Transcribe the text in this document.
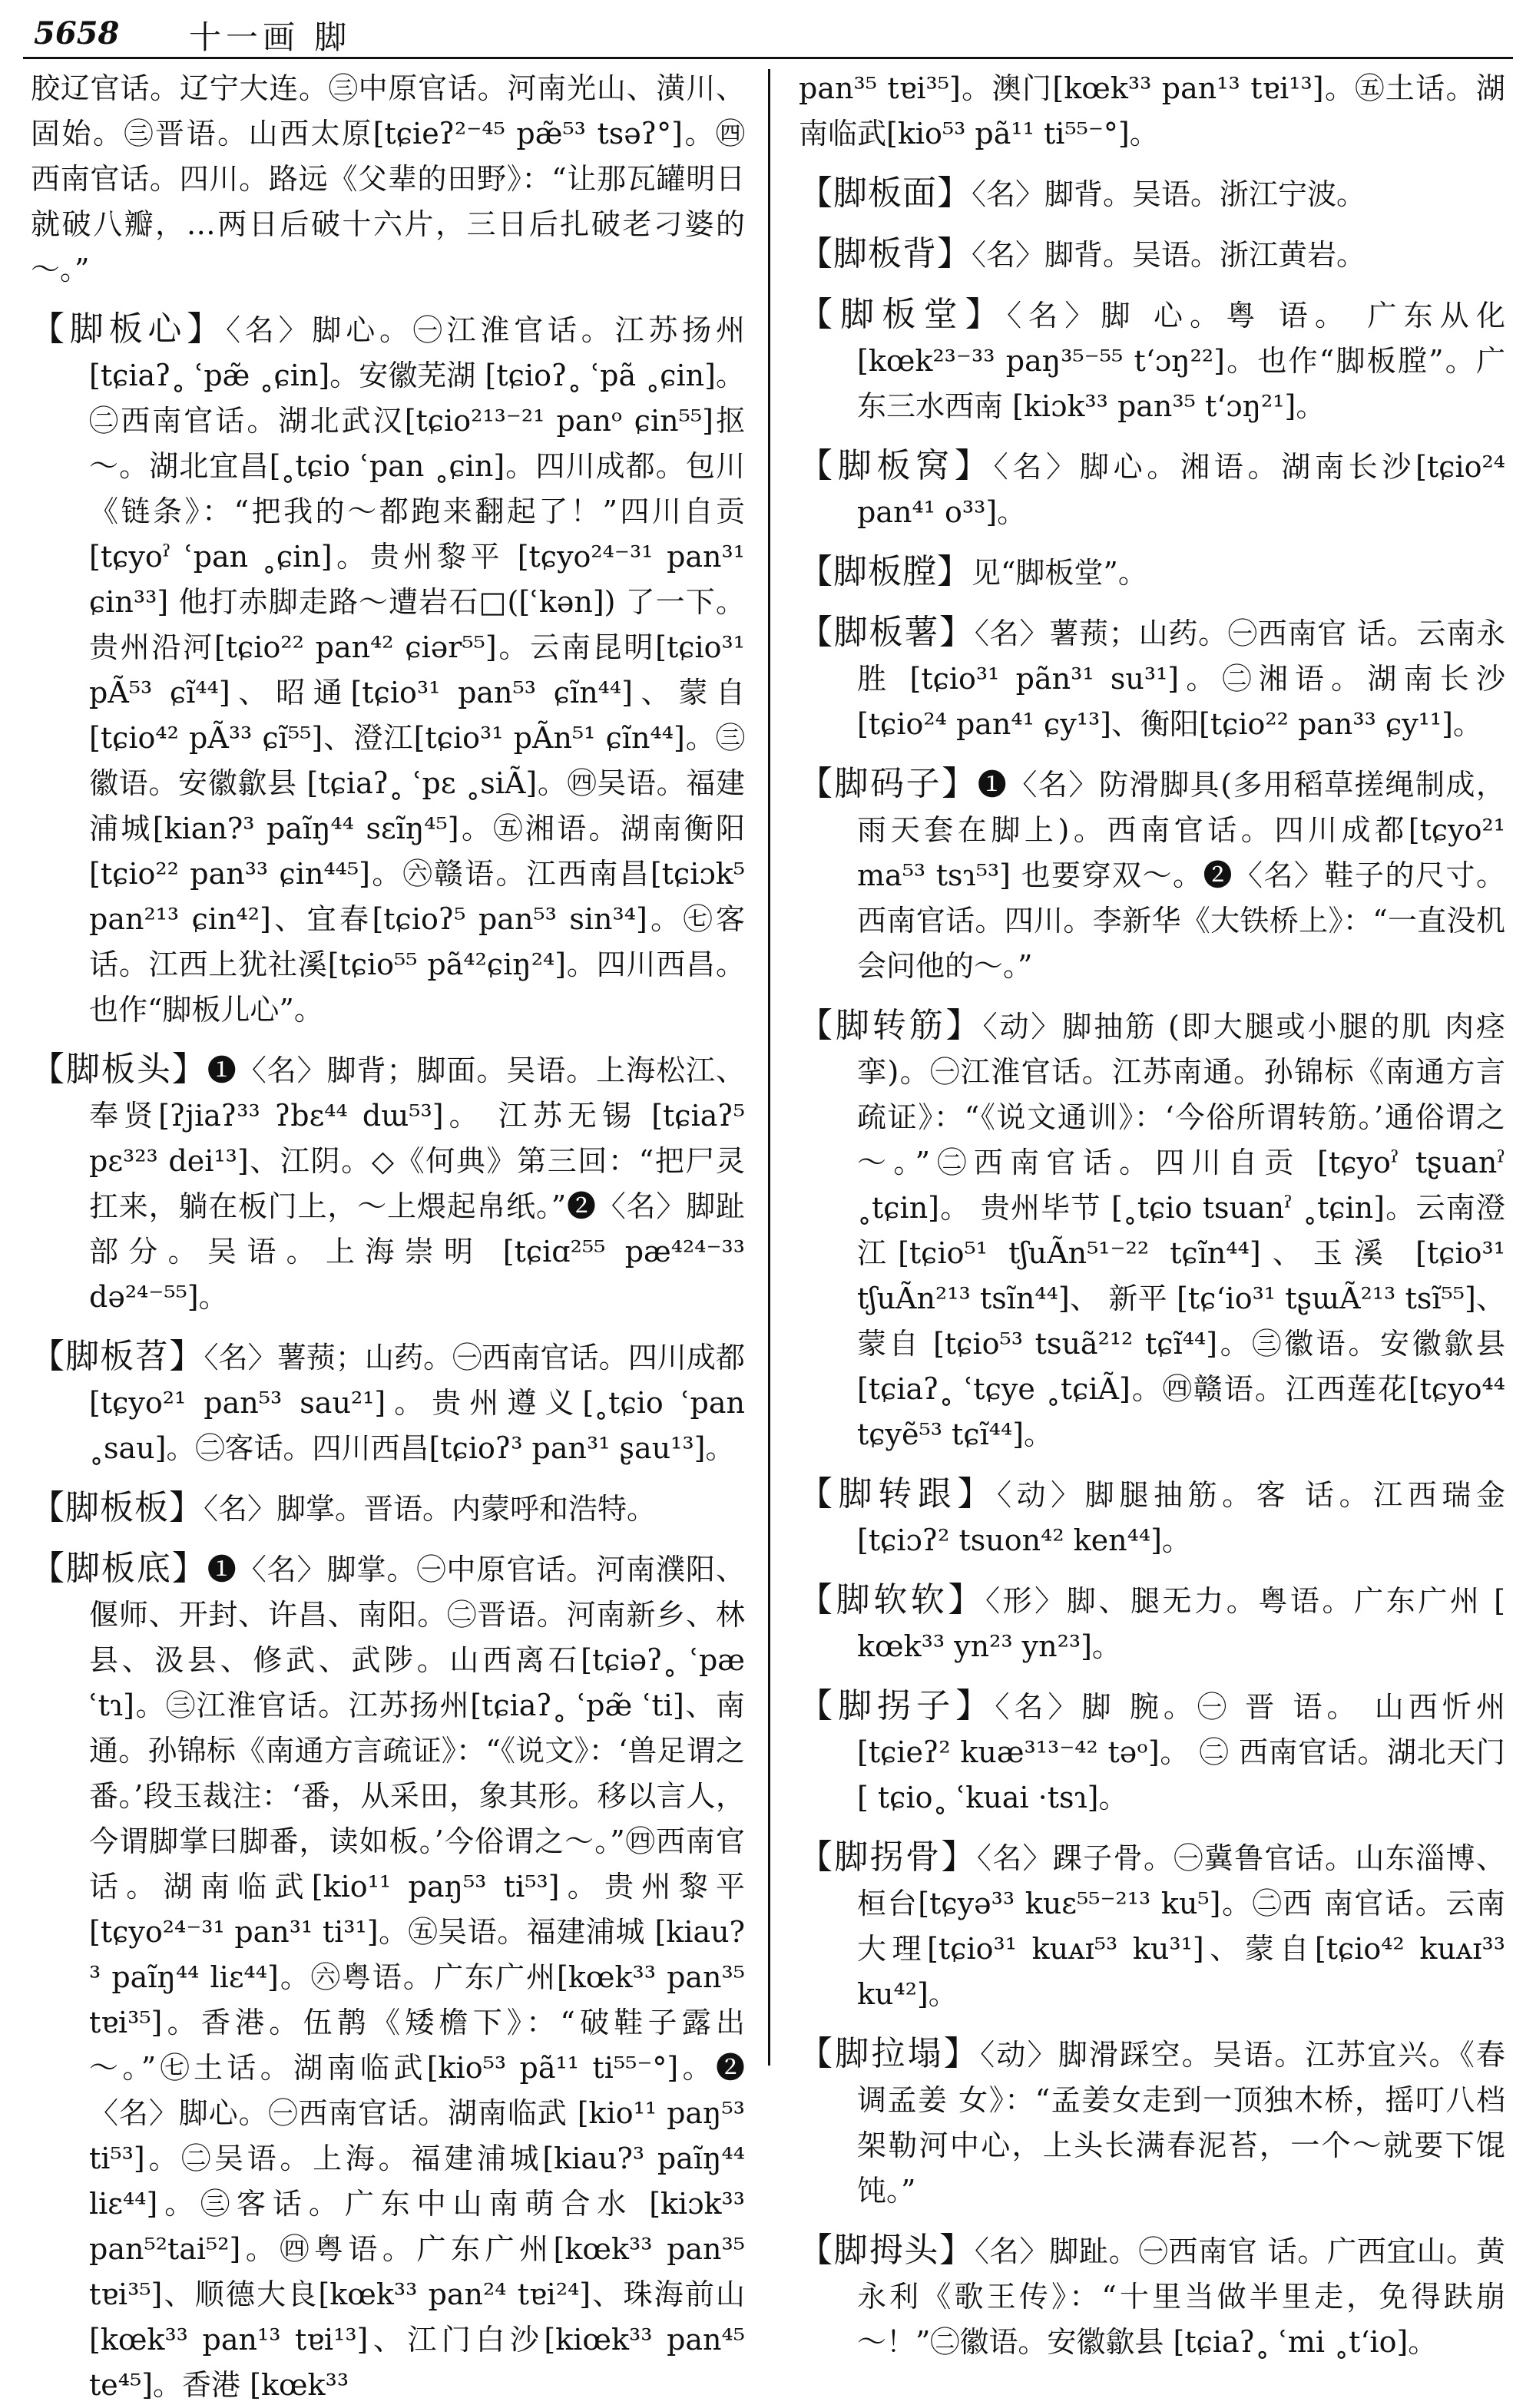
5658 十一画 脚

胶辽官话。辽宁大连。㊂中原官话。河南光山、潢川、固始。㊂晋语。山西太原[tɕieʔ²⁻⁴⁵ pæ̃⁵³ tsəʔ°]。㊃西南官话。四川。路远《父辈的田野》：“让那瓦罐明日就破八瓣，…两日后破十六片，三日后扎破老刁婆的～。”

【脚板心】〈名〉脚心。㊀江淮官话。江苏扬州[tɕiaʔ˳ ʿpæ̃ ˳ɕin]。安徽芜湖 [tɕioʔ˳ ʿpã ˳ɕin]。㊁西南官话。湖北武汉[tɕio²¹³⁻²¹ panᵒ ɕin⁵⁵]抠～。湖北宜昌[˳tɕio ʿpan ˳ɕin]。四川成都。包川《链条》：“把我的～都跑来翻起了！”四川自贡[tɕyoˀ ʿpan ˳ɕin]。贵州黎平 [tɕyo²⁴⁻³¹ pan³¹ ɕin³³] 他打赤脚走路～遭岩石□([ʿkən]) 了一下。贵州沿河[tɕio²² pan⁴² ɕiər⁵⁵]。云南昆明[tɕio³¹ pÃ⁵³ ɕĩ⁴⁴]、昭通[tɕio³¹ pan⁵³ ɕĩn⁴⁴]、蒙自[tɕio⁴² pÃ³³ ɕĩ⁵⁵]、澄江[tɕio³¹ pÃn⁵¹ ɕĩn⁴⁴]。㊂徽语。安徽歙县 [tɕiaʔ˳ ʿpɛ ˳siÃ]。㊃吴语。福建浦城[kian?³ paĩŋ⁴⁴ sɛĩŋ⁴⁵]。㊄湘语。湖南衡阳[tɕio²² pan³³ ɕin⁴⁴⁵]。㊅赣语。江西南昌[tɕiɔk⁵ pan²¹³ ɕin⁴²]、宜春[tɕioʔ⁵ pan⁵³ sin³⁴]。㊆客话。江西上犹社溪[tɕio⁵⁵ pã⁴²ɕiŋ²⁴]。四川西昌。也作“脚板儿心”。

【脚板头】❶〈名〉脚背；脚面。吴语。上海松江、奉贤[ʔjiaʔ³³ ʔbɛ⁴⁴ dɯ⁵³]。 江苏无锡 [tɕiaʔ⁵ pɛ³²³ dei¹³]、江阴。◇《何典》第三回：“把尸灵扛来，躺在板门上，～上煨起帛纸。”❷〈名〉脚趾部分。吴语。上海崇明 [tɕiɑ²⁵⁵ pæ⁴²⁴⁻³³ də²⁴⁻⁵⁵]。

【脚板苕】〈名〉薯蓣；山药。㊀西南官话。四川成都[tɕyo²¹ pan⁵³ sau²¹]。贵州遵义[˳tɕio ʿpan ˳sau]。㊁客话。四川西昌[tɕioʔ³ pan³¹ ʂau¹³]。

【脚板板】〈名〉脚掌。晋语。内蒙呼和浩特。

【脚板底】❶〈名〉脚掌。㊀中原官话。河南濮阳、偃师、开封、许昌、南阳。㊁晋语。河南新乡、林县、汲县、修武、武陟。山西离石[tɕiəʔ˳ ʿpæ ʿtɿ]。㊂江淮官话。江苏扬州[tɕiaʔ˳ ʿpæ̃ ʿti]、南通。孙锦标《南通方言疏证》：“《说文》：‘兽足谓之番。’段玉裁注：‘番，从采田，象其形。移以言人，今谓脚掌曰脚番，读如板。’今俗谓之～。”㊃西南官话。湖南临武[kio¹¹ paŋ⁵³ ti⁵³]。贵州黎平 [tɕyo²⁴⁻³¹ pan³¹ ti³¹]。㊄吴语。福建浦城 [kiau?³ paĩŋ⁴⁴ liɛ⁴⁴]。㊅粤语。广东广州[kœk³³ pan³⁵ tɐi³⁵]。香港。伍䴖《矮檐下》：“破鞋子露出～。”㊆土话。湖南临武[kio⁵³ pã¹¹ ti⁵⁵⁻°]。❷〈名〉脚心。㊀西南官话。湖南临武 [kio¹¹ paŋ⁵³ ti⁵³]。㊁吴语。上海。福建浦城[kiau?³ paĩŋ⁴⁴ liɛ⁴⁴]。㊂客话。广东中山南萌合水 [kiɔk³³ pan⁵²tai⁵²]。㊃粤语。广东广州[kœk³³ pan³⁵ tɐi³⁵]、顺德大良[kœk³³ pan²⁴ tɐi²⁴]、珠海前山 [kœk³³ pan¹³ tɐi¹³]、江门白沙[kiœk³³ pan⁴⁵ te⁴⁵]。香港 [kœk³³

pan³⁵ tɐi³⁵]。澳门[kœk³³ pan¹³ tɐi¹³]。㊄土话。湖南临武[kio⁵³ pã¹¹ ti⁵⁵⁻°]。

【脚板面】〈名〉脚背。吴语。浙江宁波。

【脚板背】〈名〉脚背。吴语。浙江黄岩。

【脚板堂】〈名〉脚 心。粤 语。 广东从化 [kœk²³⁻³³ paŋ³⁵⁻⁵⁵ tʻɔŋ²²]。也作“脚板膛”。广东三水西南 [kiɔk³³ pan³⁵ tʻɔŋ²¹]。

【脚板窝】〈名〉脚心。湘语。湖南长沙[tɕio²⁴ pan⁴¹ o³³]。

【脚板膛】见“脚板堂”。

【脚板薯】〈名〉薯蓣；山药。㊀西南官 话。云南永胜 [tɕio³¹ pãn³¹ su³¹]。㊁湘语。湖南长沙 [tɕio²⁴ pan⁴¹ ɕy¹³]、衡阳[tɕio²² pan³³ ɕy¹¹]。

【脚码子】❶〈名〉防滑脚具(多用稻草搓绳制成，雨天套在脚上)。西南官话。四川成都[tɕyo²¹ ma⁵³ tsɿ⁵³] 也要穿双～。❷〈名〉鞋子的尺寸。西南官话。四川。李新华《大铁桥上》：“一直没机会问他的～。”

【脚转筋】〈动〉脚抽筋 (即大腿或小腿的肌 肉痉挛)。㊀江淮官话。江苏南通。孙锦标《南通方言疏证》：“《说文通训》：‘今俗所谓转筋。’通俗谓之～。”㊁西南官话。四川自贡 [tɕyoˀ tʂuanˀ ˳tɕin]。 贵州毕节 [˳tɕio tsuanˀ ˳tɕin]。云南澄江[tɕio⁵¹ tʃuÃn⁵¹⁻²² tɕĩn⁴⁴]、玉溪 [tɕio³¹ tʃuÃn²¹³ tsĩn⁴⁴]、 新平 [tɕʻio³¹ tʂɯÃ²¹³ tsĩ⁵⁵]、蒙自 [tɕio⁵³ tsuã²¹² tɕĩ⁴⁴]。㊂徽语。安徽歙县 [tɕiaʔ˳ ʿtɕye ˳tɕiÃ]。㊃赣语。江西莲花[tɕyo⁴⁴ tɕyẽ⁵³ tɕĩ⁴⁴]。

【脚转跟】〈动〉脚腿抽筋。客 话。江西瑞金 [tɕiɔʔ² tsuon⁴² ken⁴⁴]。

【脚软软】〈形〉脚、腿无力。粤语。广东广州 [ kœk³³ yn²³ yn²³]。

【脚拐子】〈名〉脚 腕。㊀ 晋 语。 山西忻州 [tɕieʔ² kuæ³¹³⁻⁴² təᵒ]。 ㊁ 西南官话。湖北天门 [ tɕio˳ ʿkuai ·tsɿ]。

【脚拐骨】〈名〉踝子骨。㊀冀鲁官话。山东淄博、桓台[tɕyə³³ kuɛ⁵⁵⁻²¹³ ku⁵]。㊁西 南官话。云南大理[tɕio³¹ kuᴀɪ⁵³ ku³¹]、蒙自[tɕio⁴² kuᴀɪ³³ ku⁴²]。

【脚拉塌】〈动〉脚滑踩空。吴语。江苏宜兴。《春 调孟姜 女》：“孟姜女走到一顶独木桥，摇叮八档架勒河中心，上头长满春泥苔，一个～就要下馄饨。”

【脚拇头】〈名〉脚趾。㊀西南官 话。广西宜山。黄永利《歌王传》：“十里当做半里走，免得趺崩～！”㊁徽语。安徽歙县 [tɕiaʔ˳ ʿmi ˳tʻio]。
